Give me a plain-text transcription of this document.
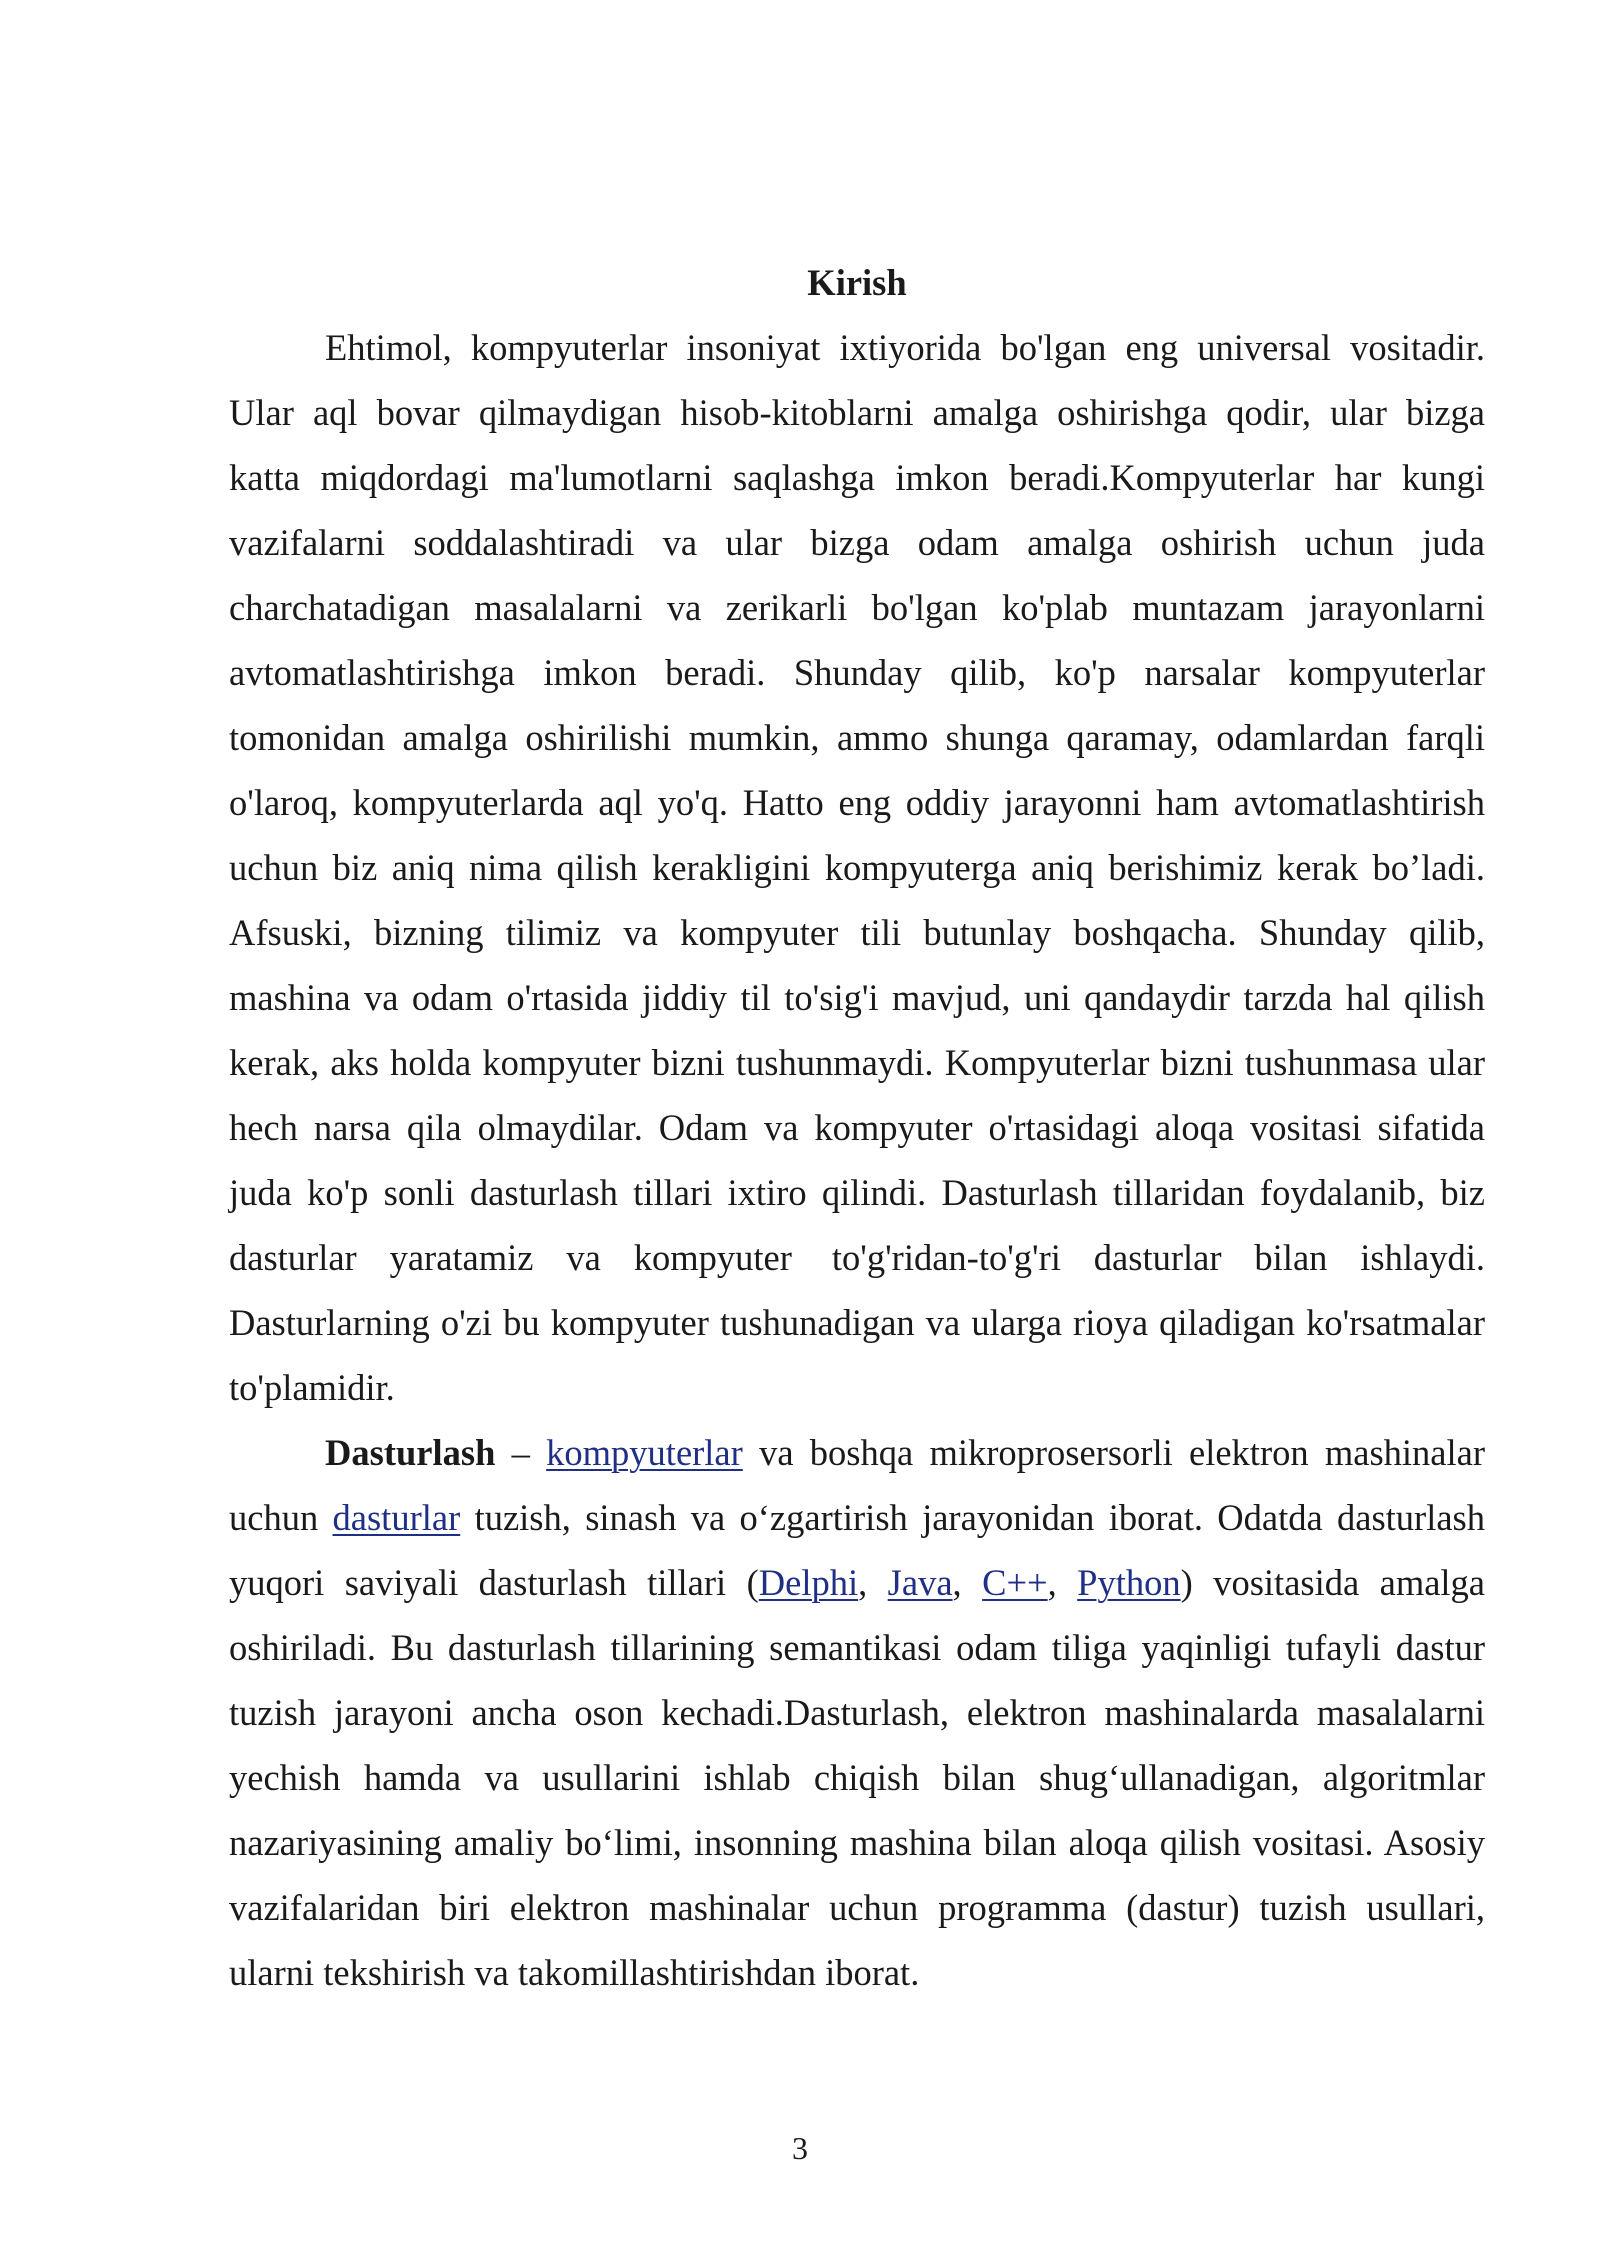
Kirish

Ehtimol, kompyuterlar insoniyat ixtiyorida bo'lgan eng universal vositadir.
Ular aql bovar qilmaydigan hisob-kitoblarni amalga oshirishga qodir, ular bizga
katta miqdordagi ma'lumotlarni saqlashga imkon beradi.Kompyuterlar har kungi
vazifalarni soddalashtiradi va ular bizga odam amalga oshirish uchun juda
charchatadigan masalalarni va zerikarli bo'lgan ko'plab muntazam jarayonlarni
avtomatlashtirishga imkon beradi. Shunday qilib, ko'p narsalar kompyuterlar
tomonidan amalga oshirilishi mumkin, ammo shunga qaramay, odamlardan farqli
o'laroq, kompyuterlarda aql yo'q. Hatto eng oddiy jarayonni ham avtomatlashtirish
uchun biz aniq nima qilish kerakligini kompyuterga aniq berishimiz kerak bo’ladi.
Afsuski, bizning tilimiz va kompyuter tili butunlay boshqacha. Shunday qilib,
mashina va odam o'rtasida jiddiy til to'sig'i mavjud, uni qandaydir tarzda hal qilish
kerak, aks holda kompyuter bizni tushunmaydi. Kompyuterlar bizni tushunmasa ular
hech narsa qila olmaydilar. Odam va kompyuter o'rtasidagi aloqa vositasi sifatida
juda ko'p sonli dasturlash tillari ixtiro qilindi. Dasturlash tillaridan foydalanib, biz
dasturlar yaratamiz va kompyuter to'g'ridan-to'g'ri dasturlar bilan ishlaydi.
Dasturlarning o'zi bu kompyuter tushunadigan va ularga rioya qiladigan ko'rsatmalar
to'plamidir.

Dasturlash – kompyuterlar va boshqa mikroprosersorli elektron mashinalar
uchun dasturlar tuzish, sinash va o‘zgartirish jarayonidan iborat. Odatda dasturlash
yuqori saviyali dasturlash tillari (Delphi, Java, C++, Python) vositasida amalga
oshiriladi. Bu dasturlash tillarining semantikasi odam tiliga yaqinligi tufayli dastur
tuzish jarayoni ancha oson kechadi.Dasturlash, elektron mashinalarda masalalarni
yechish hamda va usullarini ishlab chiqish bilan shug‘ullanadigan, algoritmlar
nazariyasining amaliy bo‘limi, insonning mashina bilan aloqa qilish vositasi. Asosiy
vazifalaridan biri elektron mashinalar uchun programma (dastur) tuzish usullari,
ularni tekshirish va takomillashtirishdan iborat.

3
